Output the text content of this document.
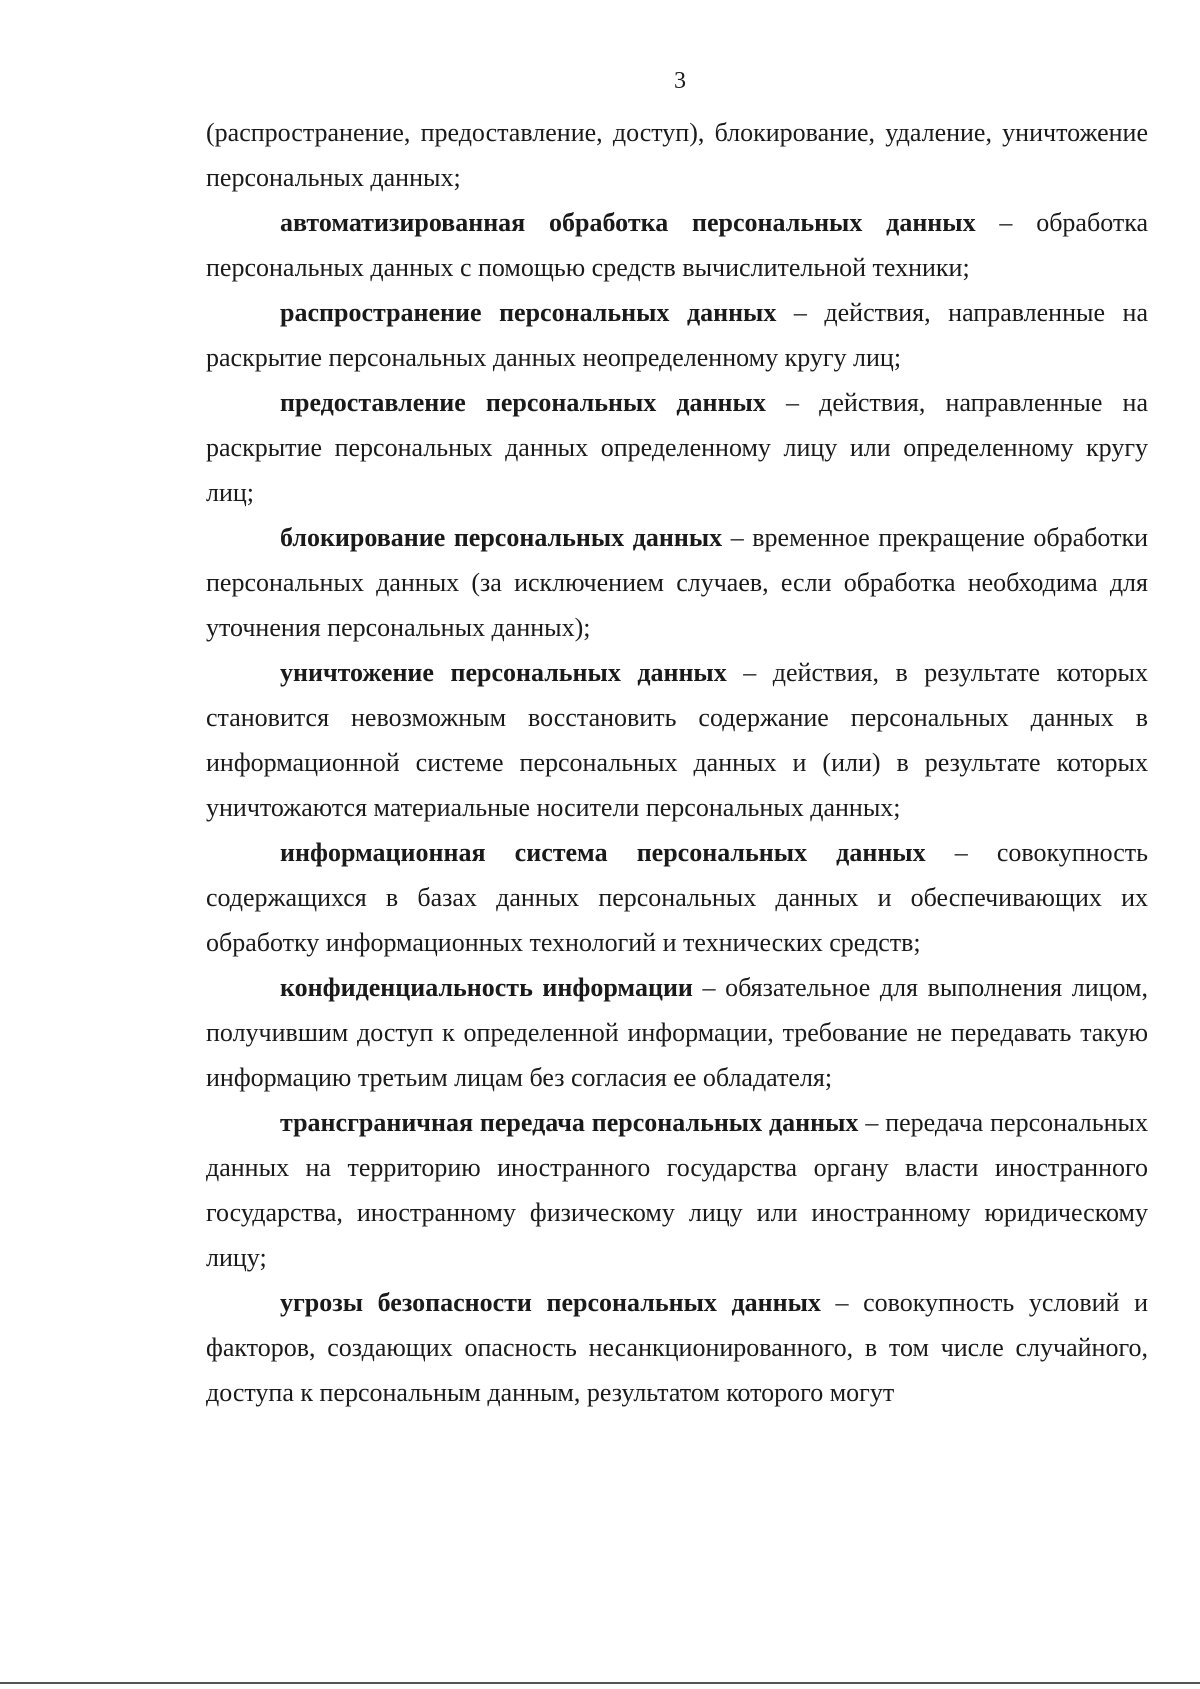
3

(распространение, предоставление, доступ), блокирование, удаление, уничтожение персональных данных;

автоматизированная обработка персональных данных – обработка персональных данных с помощью средств вычислительной техники;

распространение персональных данных – действия, направленные на раскрытие персональных данных неопределенному кругу лиц;

предоставление персональных данных – действия, направленные на раскрытие персональных данных определенному лицу или определенному кругу лиц;

блокирование персональных данных – временное прекращение обработки персональных данных (за исключением случаев, если обработка необходима для уточнения персональных данных);

уничтожение персональных данных – действия, в результате которых становится невозможным восстановить содержание персональных данных в информационной системе персональных данных и (или) в результате которых уничтожаются материальные носители персональных данных;

информационная система персональных данных – совокупность содержащихся в базах данных персональных данных и обеспечивающих их обработку информационных технологий и технических средств;

конфиденциальность информации – обязательное для выполнения лицом, получившим доступ к определенной информации, требование не передавать такую информацию третьим лицам без согласия ее обладателя;

трансграничная передача персональных данных – передача персональных данных на территорию иностранного государства органу власти иностранного государства, иностранному физическому лицу или иностранному юридическому лицу;

угрозы безопасности персональных данных – совокупность условий и факторов, создающих опасность несанкционированного, в том числе случайного, доступа к персональным данным, результатом которого могут
